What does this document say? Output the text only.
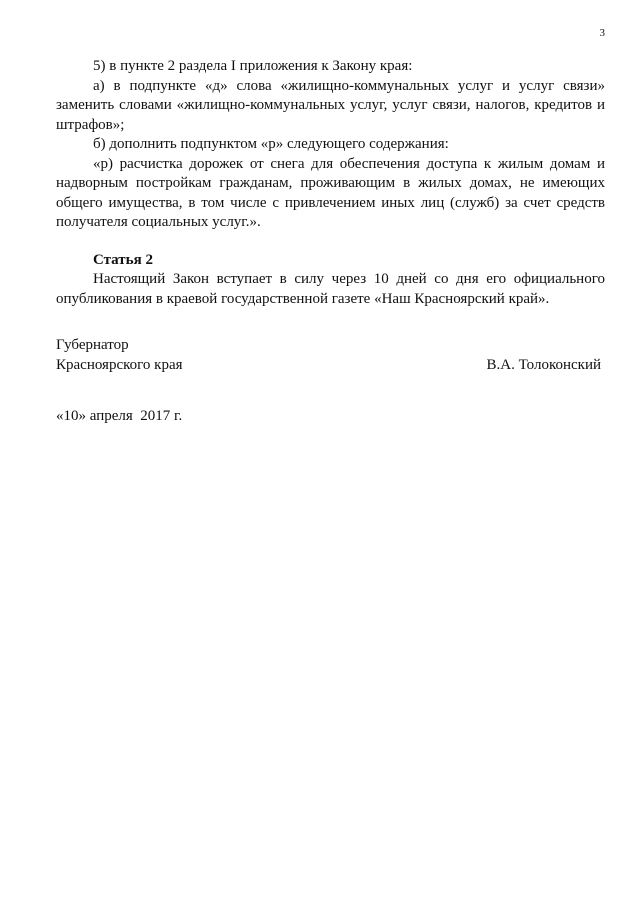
3

5) в пункте 2 раздела I приложения к Закону края:

а) в подпункте «д» слова «жилищно-коммунальных услуг и услуг связи» заменить словами «жилищно-коммунальных услуг, услуг связи, налогов, кредитов и штрафов»;

б) дополнить подпунктом «р» следующего содержания:

«р) расчистка дорожек от снега для обеспечения доступа к жилым домам и надворным постройкам гражданам, проживающим в жилых домах, не имеющих общего имущества, в том числе с привлечением иных лиц (служб) за счет средств получателя социальных услуг.».

Статья 2

Настоящий Закон вступает в силу через 10 дней со дня его официального опубликования в краевой государственной газете «Наш Красноярский край».

Губернатор
Красноярского края	В.А. Толоконский
«10» апреля  2017 г.
